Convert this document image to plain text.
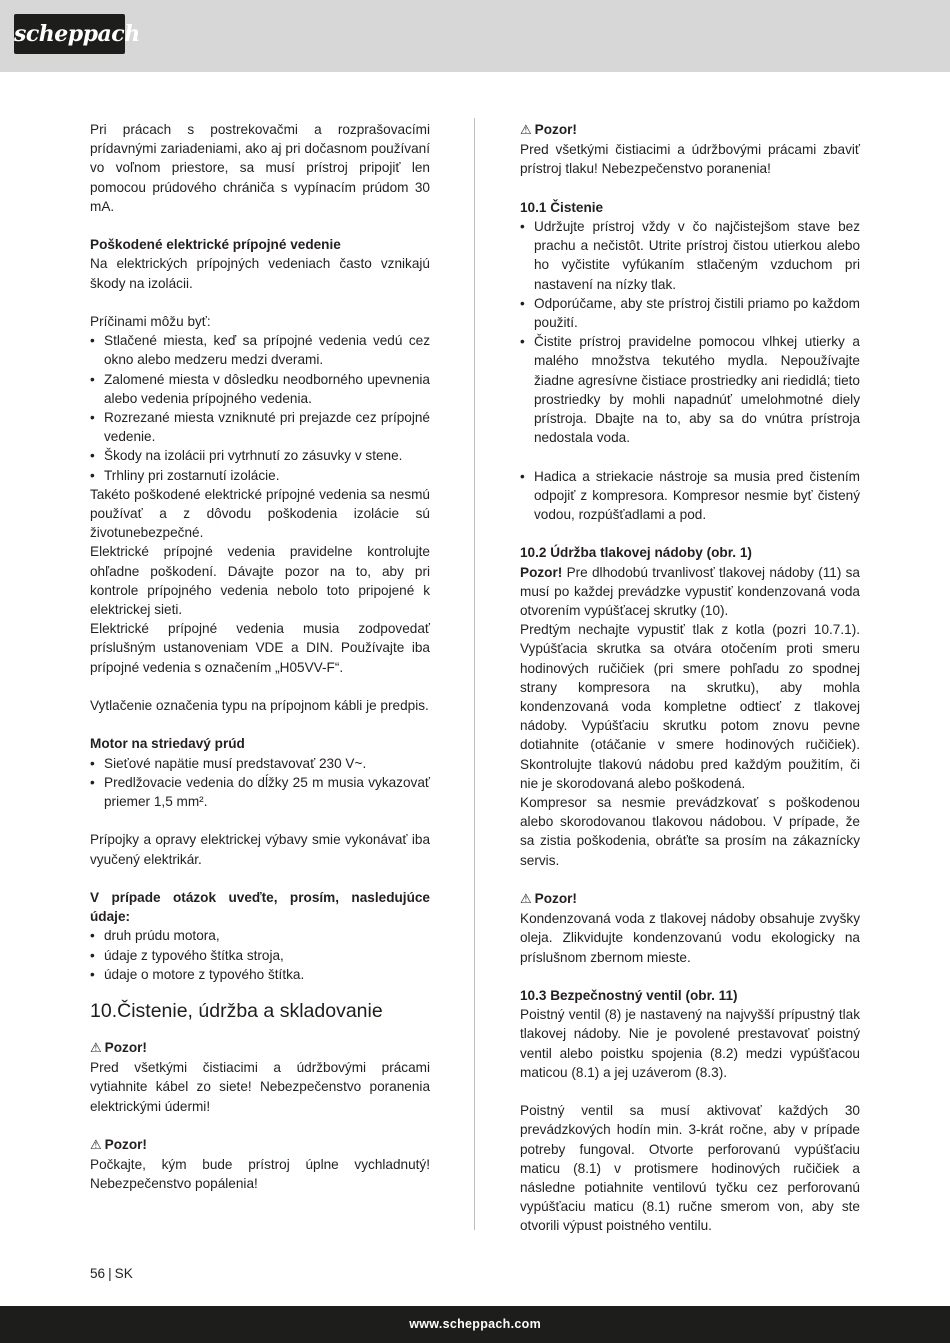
scheppach

Pri prácach s postrekovačmi a rozprašovacími prídavnými zariadeniami, ako aj pri dočasnom používaní vo voľnom priestore, sa musí prístroj pripojiť len pomocou prúdového chrániča s vypínacím prúdom 30 mA.

Poškodené elektrické prípojné vedenie

Na elektrických prípojných vedeniach často vznikajú škody na izolácii.

Príčinami môžu byť:

• Stlačené miesta, keď sa prípojné vedenia vedú cez okno alebo medzeru medzi dverami.
• Zalomené miesta v dôsledku neodborného upevnenia alebo vedenia prípojného vedenia.
• Rozrezané miesta vzniknuté pri prejazde cez prípojné vedenie.
• Škody na izolácii pri vytrhnutí zo zásuvky v stene.
• Trhliny pri zostarnutí izolácie.

Takéto poškodené elektrické prípojné vedenia sa nesmú používať a z dôvodu poškodenia izolácie sú životunebezpečné.

Elektrické prípojné vedenia pravidelne kontrolujte ohľadne poškodení. Dávajte pozor na to, aby pri kontrole prípojného vedenia nebolo toto pripojené k elektrickej sieti.

Elektrické prípojné vedenia musia zodpovedať príslušným ustanoveniam VDE a DIN. Používajte iba prípojné vedenia s označením „H05VV-F“.

Vytlačenie označenia typu na prípojnom kábli je predpis.

Motor na striedavý prúd

• Sieťové napätie musí predstavovať 230 V~.
• Predlžovacie vedenia do dĺžky 25 m musia vykazovať priemer 1,5 mm².

Prípojky a opravy elektrickej výbavy smie vykonávať iba vyučený elektrikár.

V prípade otázok uveďte, prosím, nasledujúce údaje:

• druh prúdu motora,
• údaje z typového štítka stroja,
• údaje o motore z typového štítka.
10.Čistenie, údržba a skladovanie

⚠ Pozor!

Pred všetkými čistiacimi a údržbovými prácami vytiahnite kábel zo siete! Nebezpečenstvo poranenia elektrickými údermi!

⚠ Pozor!

Počkajte, kým bude prístroj úplne vychladnutý! Nebezpečenstvo popálenia!

⚠ Pozor!

Pred všetkými čistiacimi a údržbovými prácami zbaviť prístroj tlaku! Nebezpečenstvo poranenia!

10.1 Čistenie

• Udržujte prístroj vždy v čo najčistejšom stave bez prachu a nečistôt. Utrite prístroj čistou utierkou alebo ho vyčistite vyfúkaním stlačeným vzduchom pri nastavení na nízky tlak.
• Odporúčame, aby ste prístroj čistili priamo po každom použití.
• Čistite prístroj pravidelne pomocou vlhkej utierky a malého množstva tekutého mydla. Nepoužívajte žiadne agresívne čistiace prostriedky ani riedidlá; tieto prostriedky by mohli napadnúť umelohmotné diely prístroja. Dbajte na to, aby sa do vnútra prístroja nedostala voda.
• Hadica a striekacie nástroje sa musia pred čistením odpojiť z kompresora. Kompresor nesmie byť čistený vodou, rozpúšťadlami a pod.

10.2 Údržba tlakovej nádoby (obr. 1)

Pozor! Pre dlhodobú trvanlivosť tlakovej nádoby (11) sa musí po každej prevádzke vypustiť kondenzovaná voda otvorením vypúšťacej skrutky (10).

Predtým nechajte vypustiť tlak z kotla (pozri 10.7.1). Vypúšťacia skrutka sa otvára otočením proti smeru hodinových ručičiek (pri smere pohľadu zo spodnej strany kompresora na skrutku), aby mohla kondenzovaná voda kompletne odtiecť z tlakovej nádoby. Vypúšťaciu skrutku potom znovu pevne dotiahnite (otáčanie v smere hodinových ručičiek). Skontrolujte tlakovú nádobu pred každým použitím, či nie je skorodovaná alebo poškodená.

Kompresor sa nesmie prevádzkovať s poškodenou alebo skorodovanou tlakovou nádobou. V prípade, že sa zistia poškodenia, obráťte sa prosím na zákaznícky servis.

⚠ Pozor!

Kondenzovaná voda z tlakovej nádoby obsahuje zvyšky oleja. Zlikvidujte kondenzovanú vodu ekologicky na príslušnom zbernom mieste.

10.3 Bezpečnostný ventil (obr. 11)

Poistný ventil (8) je nastavený na najvyšší prípustný tlak tlakovej nádoby. Nie je povolené prestavovať poistný ventil alebo poistku spojenia (8.2) medzi vypúšťacou maticou (8.1) a jej uzáverom (8.3).

Poistný ventil sa musí aktivovať každých 30 prevádzkových hodín min. 3-krát ročne, aby v prípade potreby fungoval. Otvorte perforovanú vypúšťaciu maticu (8.1) v protismere hodinových ručičiek a následne potiahnite ventilovú tyčku cez perforovanú vypúšťaciu maticu (8.1) ručne smerom von, aby ste otvorili výpust poistného ventilu.

56 | SK
www.scheppach.com
